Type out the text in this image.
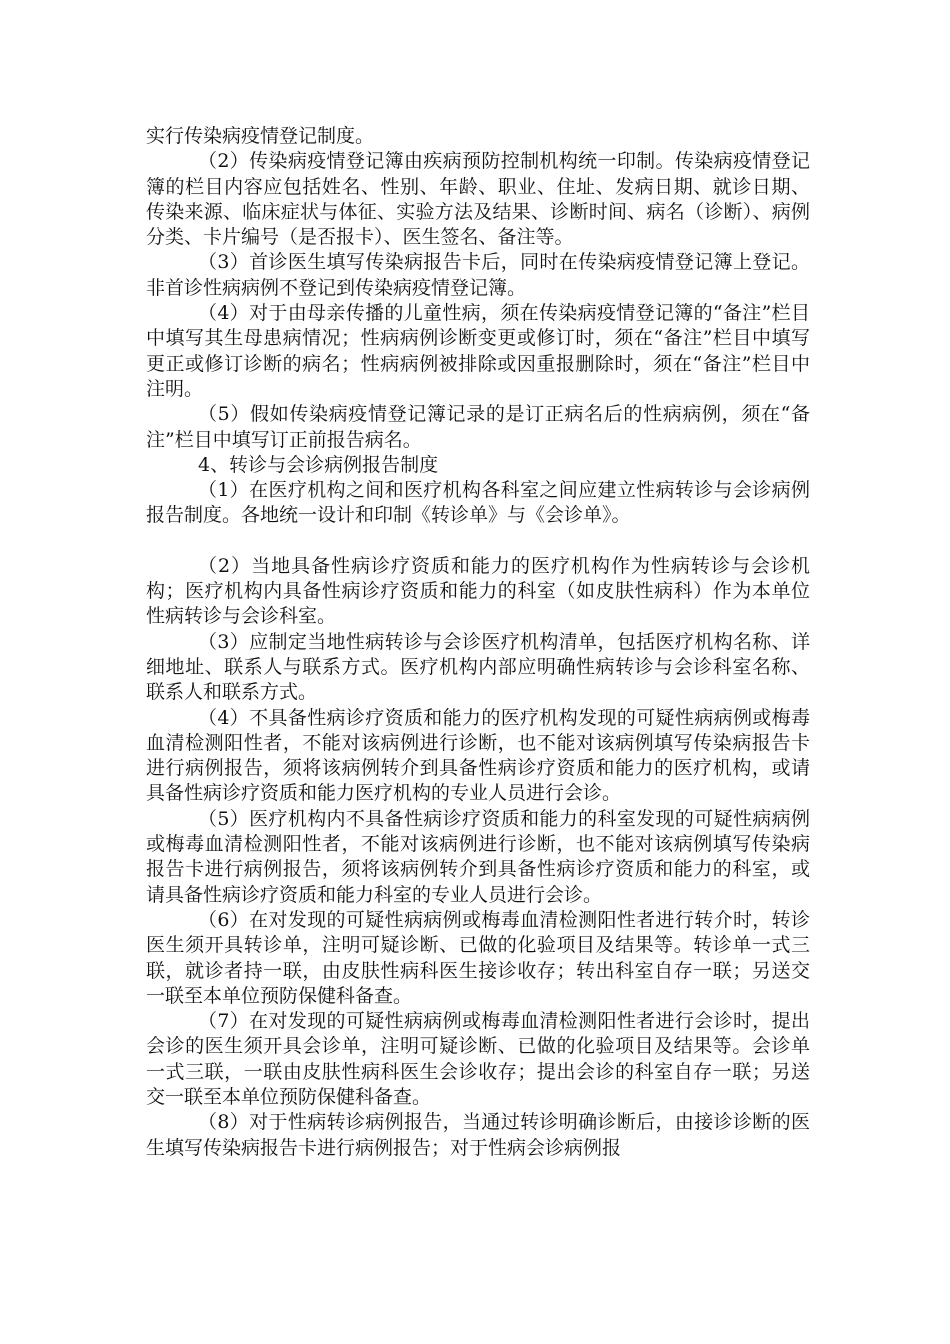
实行传染病疫情登记制度。

（2）传染病疫情登记簿由疾病预防控制机构统一印制。传染病疫情登记簿的栏目内容应包括姓名、性别、年龄、职业、住址、发病日期、就诊日期、传染来源、临床症状与体征、实验方法及结果、诊断时间、病名（诊断）、病例分类、卡片编号（是否报卡）、医生签名、备注等。

（3）首诊医生填写传染病报告卡后，同时在传染病疫情登记簿上登记。非首诊性病病例不登记到传染病疫情登记簿。

（4）对于由母亲传播的儿童性病，须在传染病疫情登记簿的“备注”栏目中填写其生母患病情况；性病病例诊断变更或修订时，须在“备注”栏目中填写更正或修订诊断的病名；性病病例被排除或因重报删除时，须在“备注”栏目中注明。

（5）假如传染病疫情登记簿记录的是订正病名后的性病病例，须在“备注”栏目中填写订正前报告病名。

4、转诊与会诊病例报告制度

（1）在医疗机构之间和医疗机构各科室之间应建立性病转诊与会诊病例报告制度。各地统一设计和印制《转诊单》与《会诊单》。

（2）当地具备性病诊疗资质和能力的医疗机构作为性病转诊与会诊机构；医疗机构内具备性病诊疗资质和能力的科室（如皮肤性病科）作为本单位性病转诊与会诊科室。

（3）应制定当地性病转诊与会诊医疗机构清单，包括医疗机构名称、详细地址、联系人与联系方式。医疗机构内部应明确性病转诊与会诊科室名称、联系人和联系方式。

（4）不具备性病诊疗资质和能力的医疗机构发现的可疑性病病例或梅毒血清检测阳性者，不能对该病例进行诊断，也不能对该病例填写传染病报告卡进行病例报告，须将该病例转介到具备性病诊疗资质和能力的医疗机构，或请具备性病诊疗资质和能力医疗机构的专业人员进行会诊。

（5）医疗机构内不具备性病诊疗资质和能力的科室发现的可疑性病病例或梅毒血清检测阳性者，不能对该病例进行诊断，也不能对该病例填写传染病报告卡进行病例报告，须将该病例转介到具备性病诊疗资质和能力的科室，或请具备性病诊疗资质和能力科室的专业人员进行会诊。

（6）在对发现的可疑性病病例或梅毒血清检测阳性者进行转介时，转诊医生须开具转诊单，注明可疑诊断、已做的化验项目及结果等。转诊单一式三联，就诊者持一联，由皮肤性病科医生接诊收存；转出科室自存一联；另送交一联至本单位预防保健科备查。

（7）在对发现的可疑性病病例或梅毒血清检测阳性者进行会诊时，提出会诊的医生须开具会诊单，注明可疑诊断、已做的化验项目及结果等。会诊单一式三联，一联由皮肤性病科医生会诊收存；提出会诊的科室自存一联；另送交一联至本单位预防保健科备查。

（8）对于性病转诊病例报告，当通过转诊明确诊断后，由接诊诊断的医生填写传染病报告卡进行病例报告；对于性病会诊病例报
